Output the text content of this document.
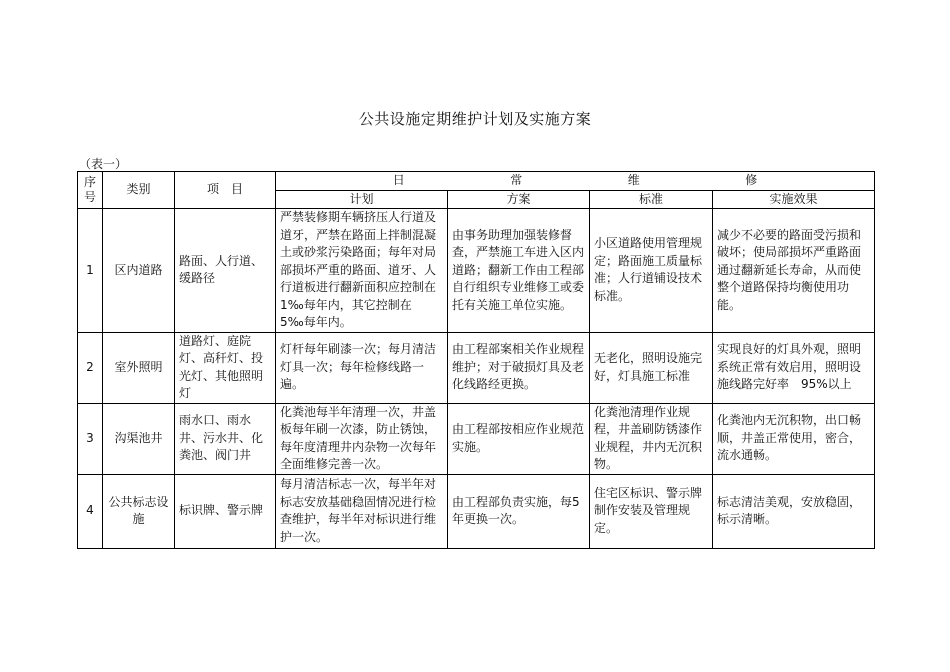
公共设施定期维护计划及实施方案
（表一）
序号	类别	项　目	日 常 维 修			

			计划	方案	标准	实施效果
1	区内道路	路面、人行道、缓路径	严禁装修期车辆挤压人行道及道牙，严禁在路面上拌制混凝土或砂浆污染路面；每年对局部损坏严重的路面、道牙、人行道板进行翻新面积应控制在　1‰每年内，其它控制在　5‰每年内。	由事务助理加强装修督查，严禁施工车进入区内道路；翻新工作由工程部自行组织专业维修工或委托有关施工单位实施。	小区道路使用管理规定；路面施工质量标准；人行道铺设技术标准。	减少不必要的路面受污损和破坏；使局部损坏严重路面通过翻新延长寿命，从而使整个道路保持均衡使用功能。
2	室外照明	道路灯、庭院灯、高秆灯、投光灯、其他照明灯	灯杆每年刷漆一次；每月清洁灯具一次；每年检修线路一遍。	由工程部案相关作业规程维护；对于破损灯具及老化线路经更换。	无老化，照明设施完好，灯具施工标准	实现良好的灯具外观，照明系统正常有效启用，照明设施线路完好率　95%以上
3	沟渠池井	雨水口、雨水井、污水井、化粪池、阀门井	化粪池每半年清理一次，井盖板每年刷一次漆，防止锈蚀，每年度清理井内杂物一次每年全面维修完善一次。	由工程部按相应作业规范实施。	化粪池清理作业规程，井盖刷防锈漆作业规程，井内无沉积物。	化粪池内无沉积物，出口畅顺，井盖正常使用，密合，流水通畅。
4	公共标志设施	标识牌、警示牌	每月清洁标志一次，每半年对标志安放基础稳固情况进行检查维护，每半年对标识进行维护一次。	由工程部负责实施，每5年更换一次。	住宅区标识、警示牌制作安装及管理规定。	标志清洁美观，安放稳固，标示清晰。
